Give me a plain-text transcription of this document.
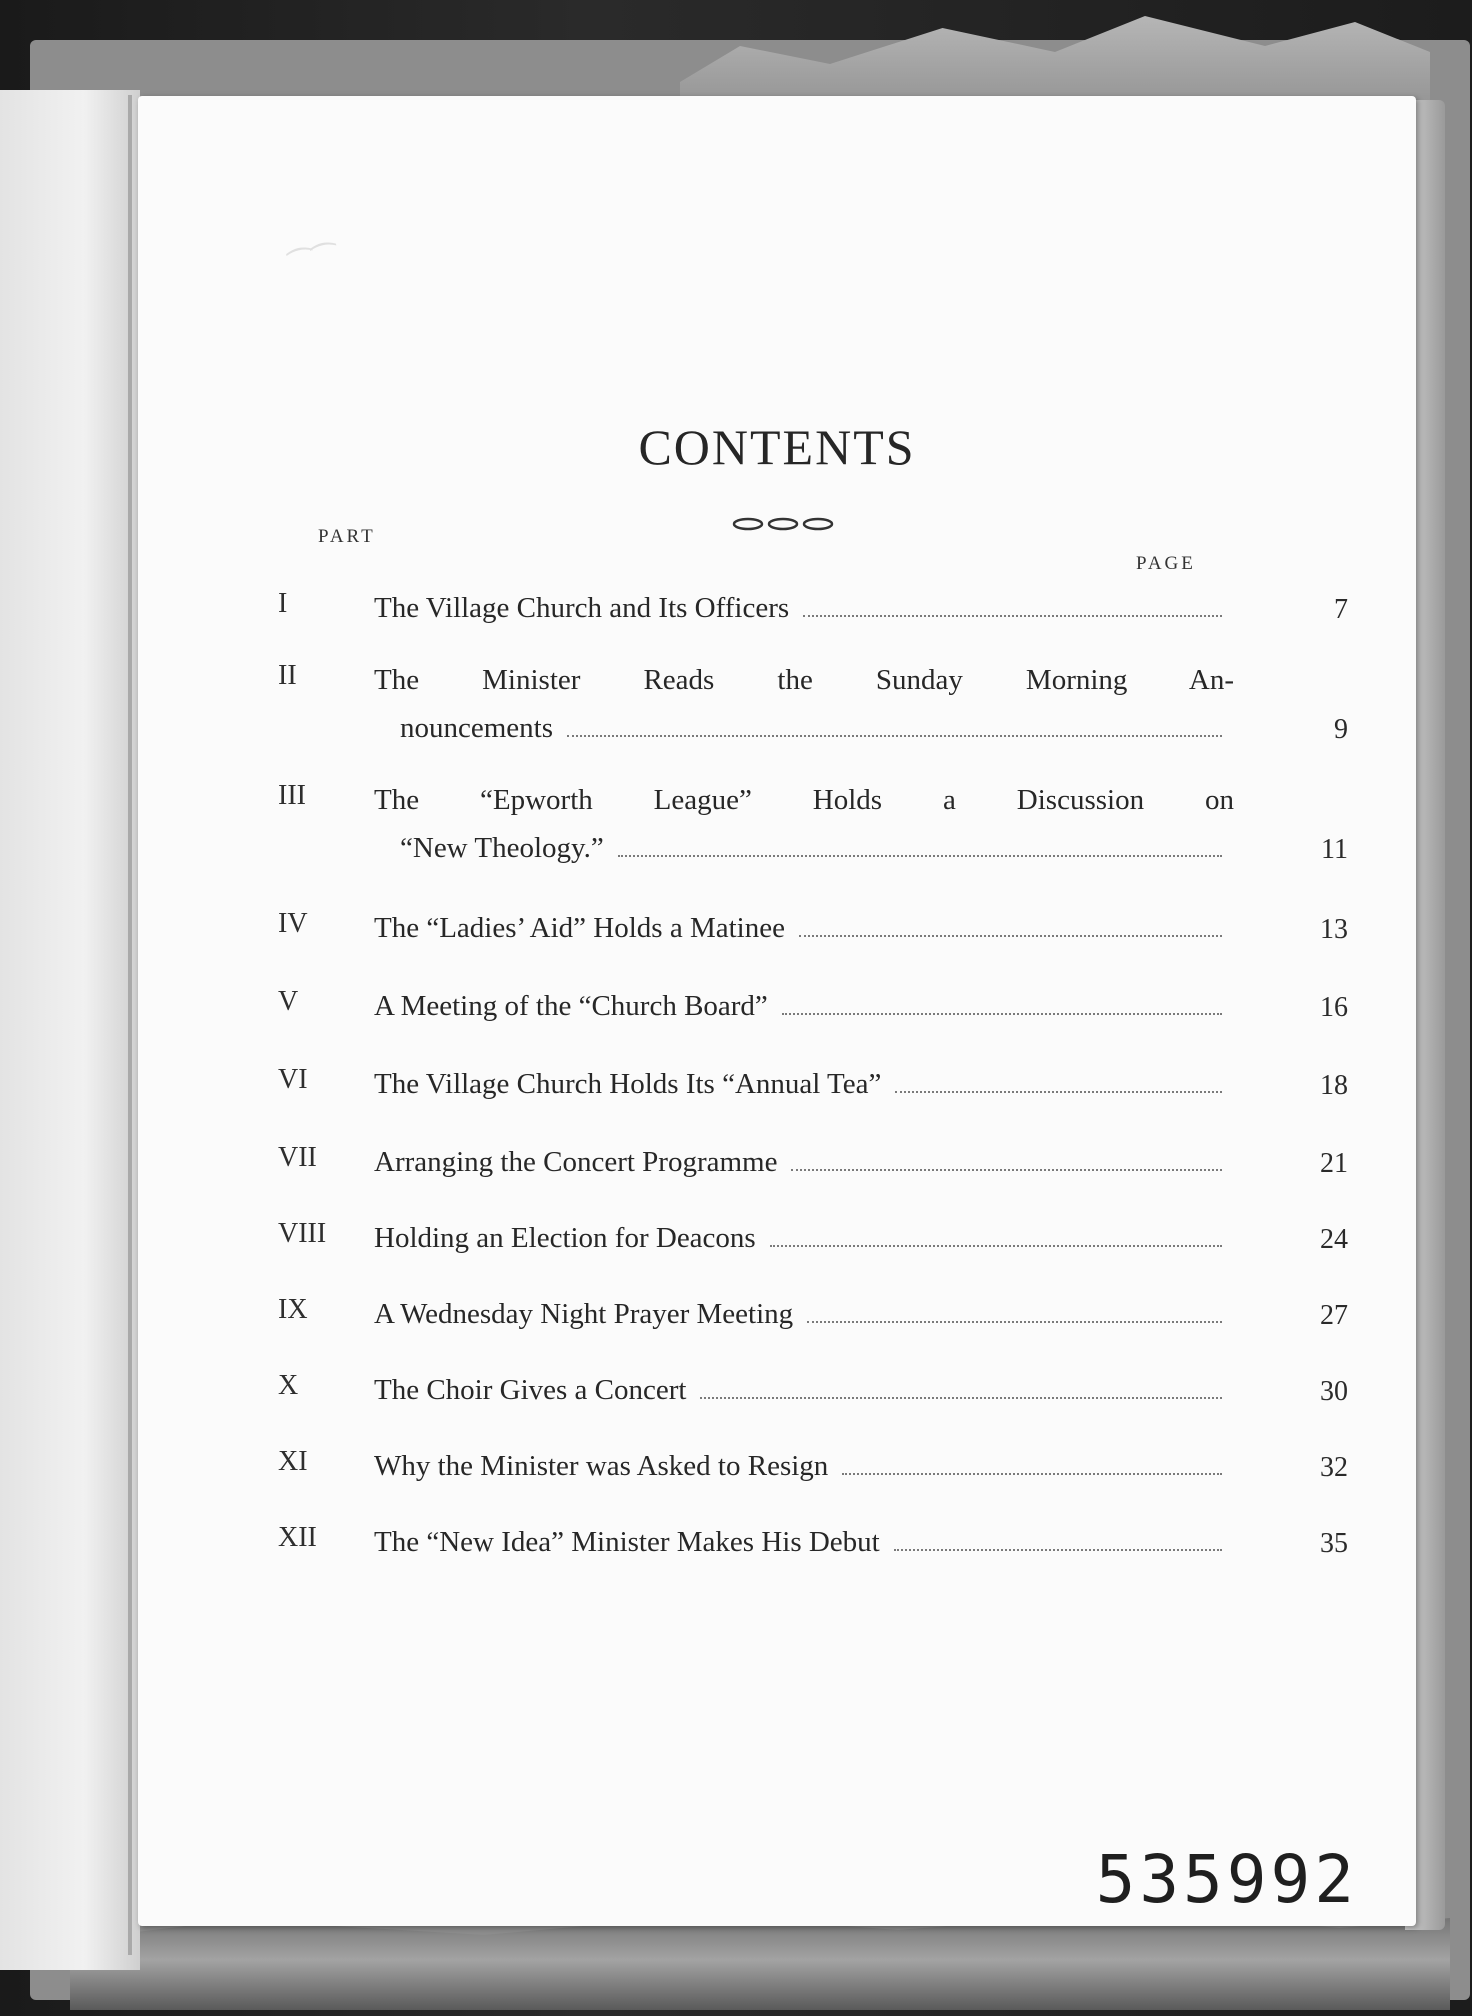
⁀⁀
CONTENTS
PART
PAGE
I	The Village Church and Its Officers	7
II	The Minister Reads the Sunday Morning An-
nouncements	9
III The “Epworth League” Holds a Discussion on
“New Theology.”	11
IV The “Ladies’ Aid” Holds a Matinee	13
V	A Meeting of the “Church Board”	16
VI The Village Church Holds Its “Annual Tea”	18
VII Arranging the Concert Programme	21
VIII Holding an Election for Deacons	24
IX A Wednesday Night Prayer Meeting	27
X	The Choir Gives a Concert	30
XI Why the Minister was Asked to Resign	32
XII The “New Idea” Minister Makes His Debut	35
535992
